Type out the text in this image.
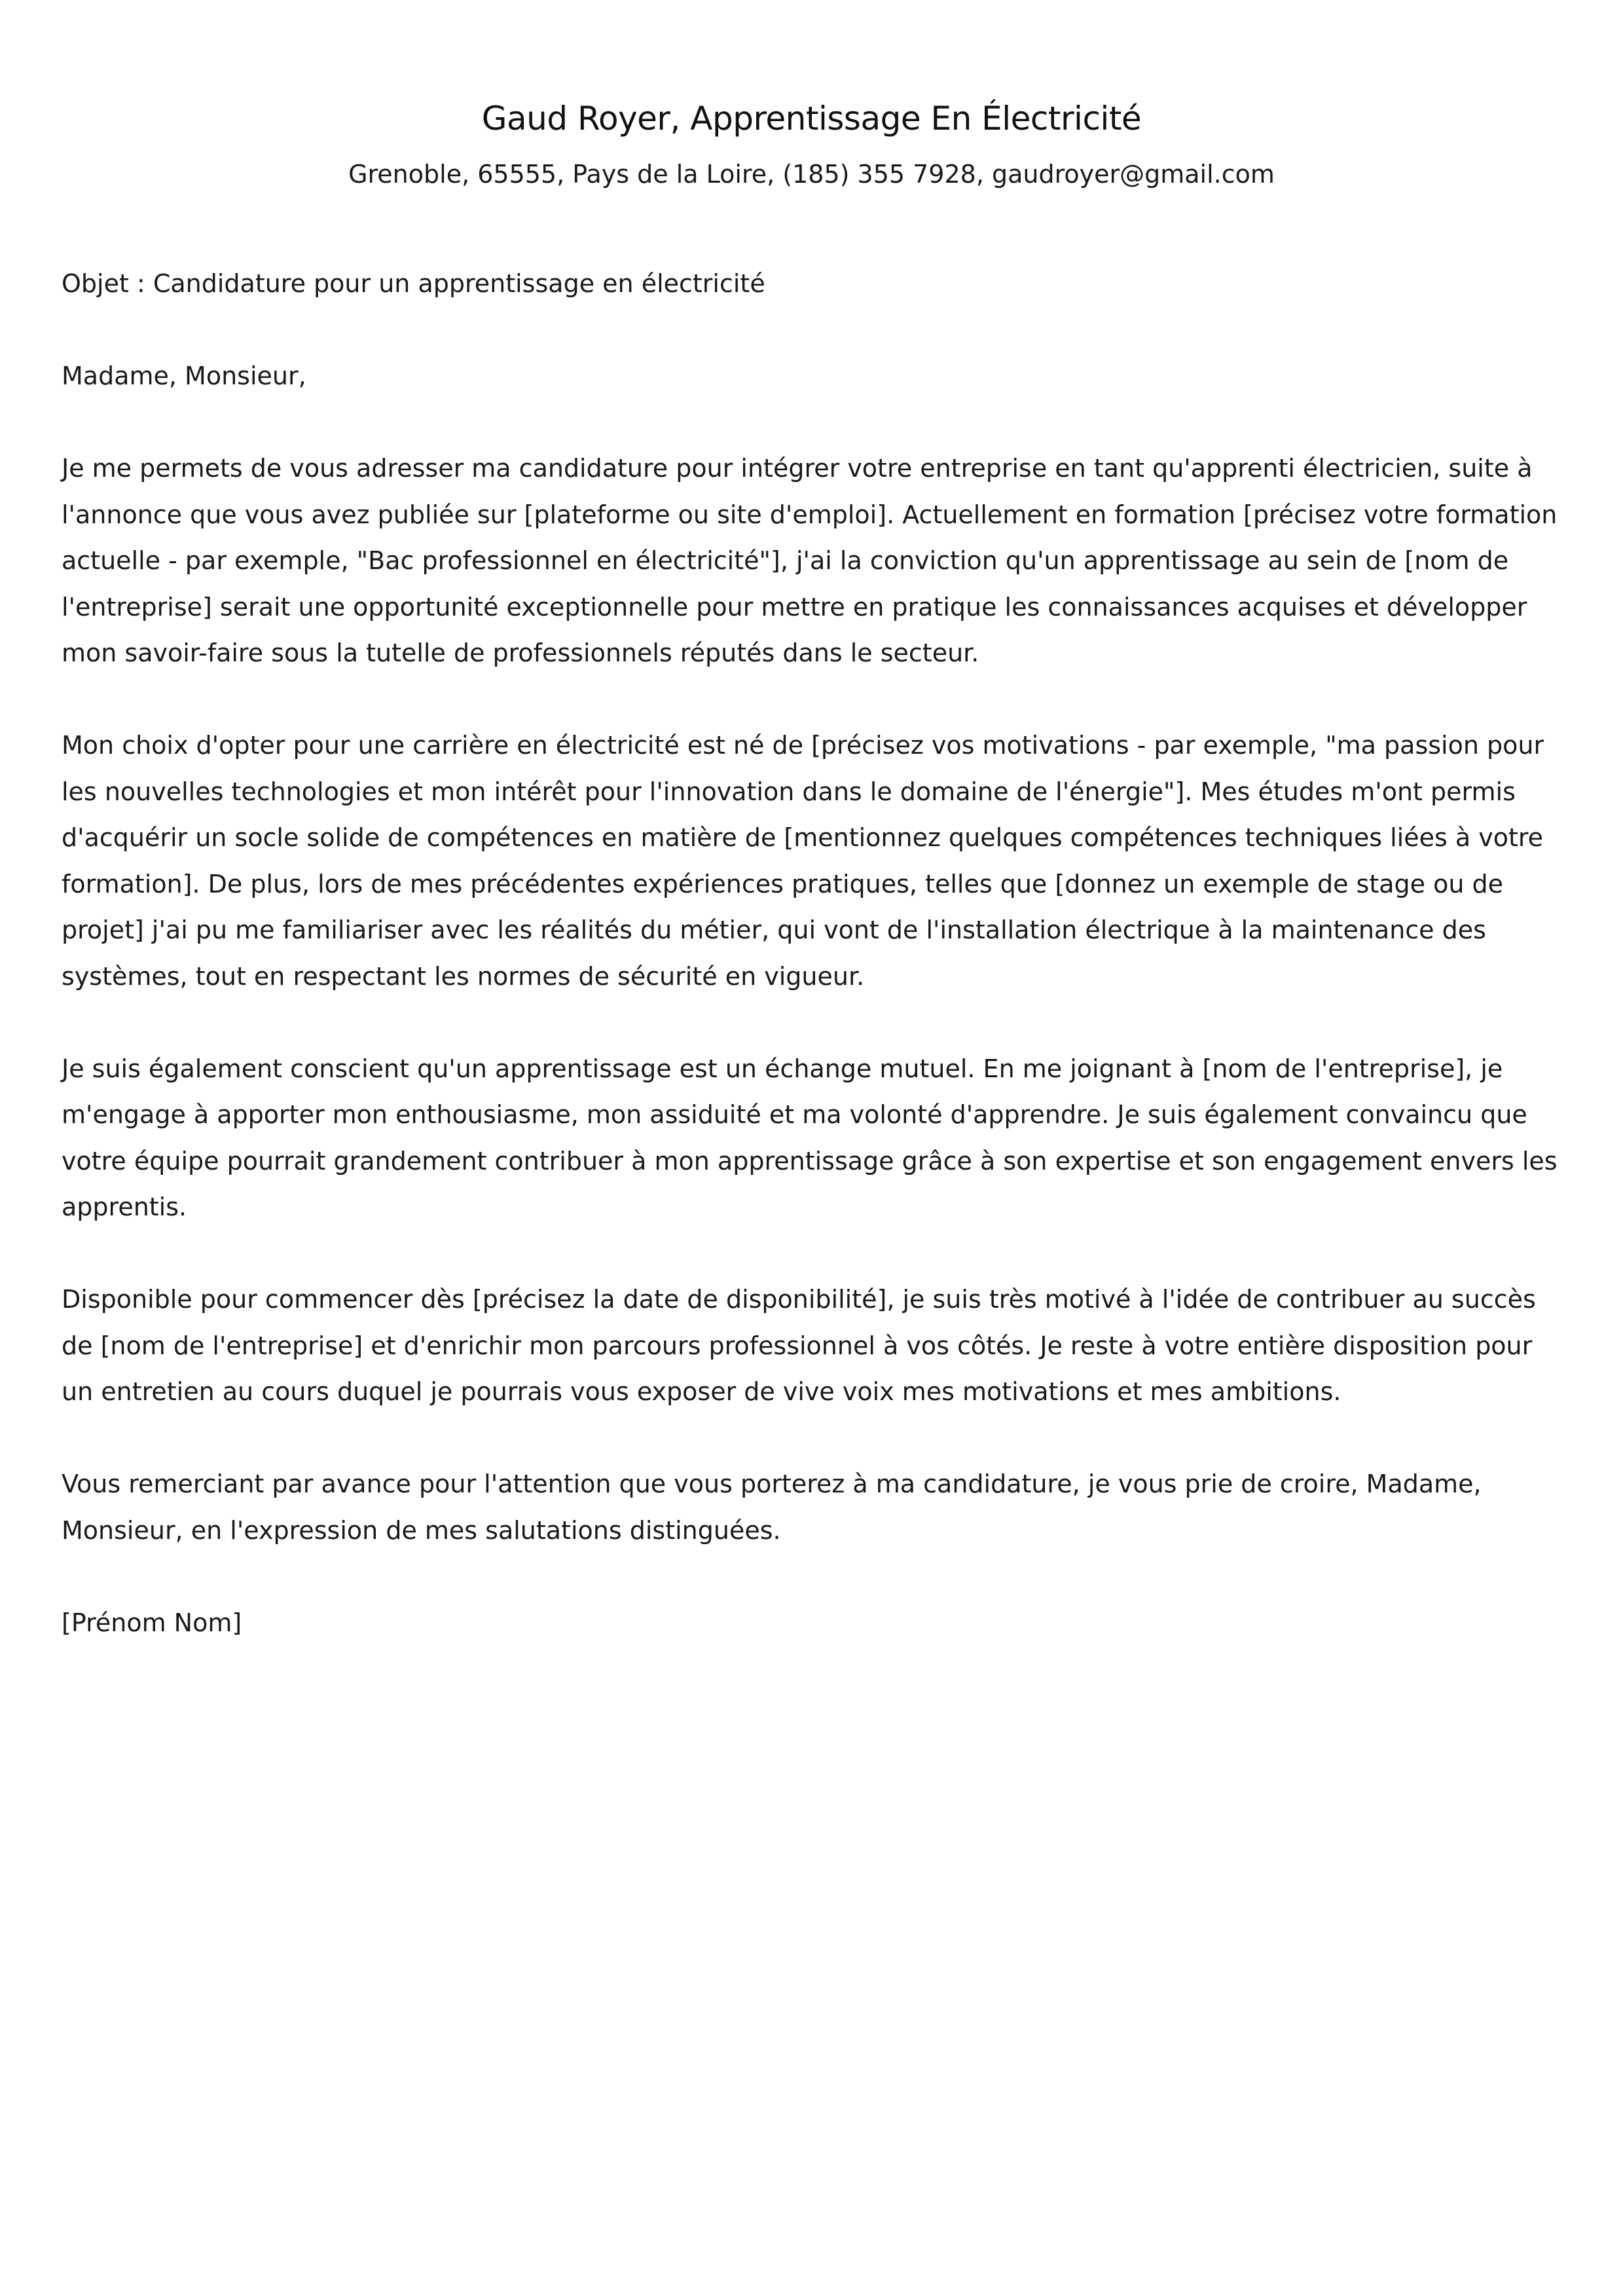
Gaud Royer, Apprentissage En Électricité

Grenoble, 65555, Pays de la Loire, (185) 355 7928, gaudroyer@gmail.com

Objet : Candidature pour un apprentissage en électricité

Madame, Monsieur,

Je me permets de vous adresser ma candidature pour intégrer votre entreprise en tant qu'apprenti électricien, suite à l'annonce que vous avez publiée sur [plateforme ou site d'emploi]. Actuellement en formation [précisez votre formation actuelle - par exemple, "Bac professionnel en électricité"], j'ai la conviction qu'un apprentissage au sein de [nom de l'entreprise] serait une opportunité exceptionnelle pour mettre en pratique les connaissances acquises et développer mon savoir-faire sous la tutelle de professionnels réputés dans le secteur.

Mon choix d'opter pour une carrière en électricité est né de [précisez vos motivations - par exemple, "ma passion pour les nouvelles technologies et mon intérêt pour l'innovation dans le domaine de l'énergie"]. Mes études m'ont permis d'acquérir un socle solide de compétences en matière de [mentionnez quelques compétences techniques liées à votre formation]. De plus, lors de mes précédentes expériences pratiques, telles que [donnez un exemple de stage ou de projet] j'ai pu me familiariser avec les réalités du métier, qui vont de l'installation électrique à la maintenance des systèmes, tout en respectant les normes de sécurité en vigueur.

Je suis également conscient qu'un apprentissage est un échange mutuel. En me joignant à [nom de l'entreprise], je m'engage à apporter mon enthousiasme, mon assiduité et ma volonté d'apprendre. Je suis également convaincu que votre équipe pourrait grandement contribuer à mon apprentissage grâce à son expertise et son engagement envers les apprentis.

Disponible pour commencer dès [précisez la date de disponibilité], je suis très motivé à l'idée de contribuer au succès de [nom de l'entreprise] et d'enrichir mon parcours professionnel à vos côtés. Je reste à votre entière disposition pour un entretien au cours duquel je pourrais vous exposer de vive voix mes motivations et mes ambitions.

Vous remerciant par avance pour l'attention que vous porterez à ma candidature, je vous prie de croire, Madame, Monsieur, en l'expression de mes salutations distinguées.

[Prénom Nom]
